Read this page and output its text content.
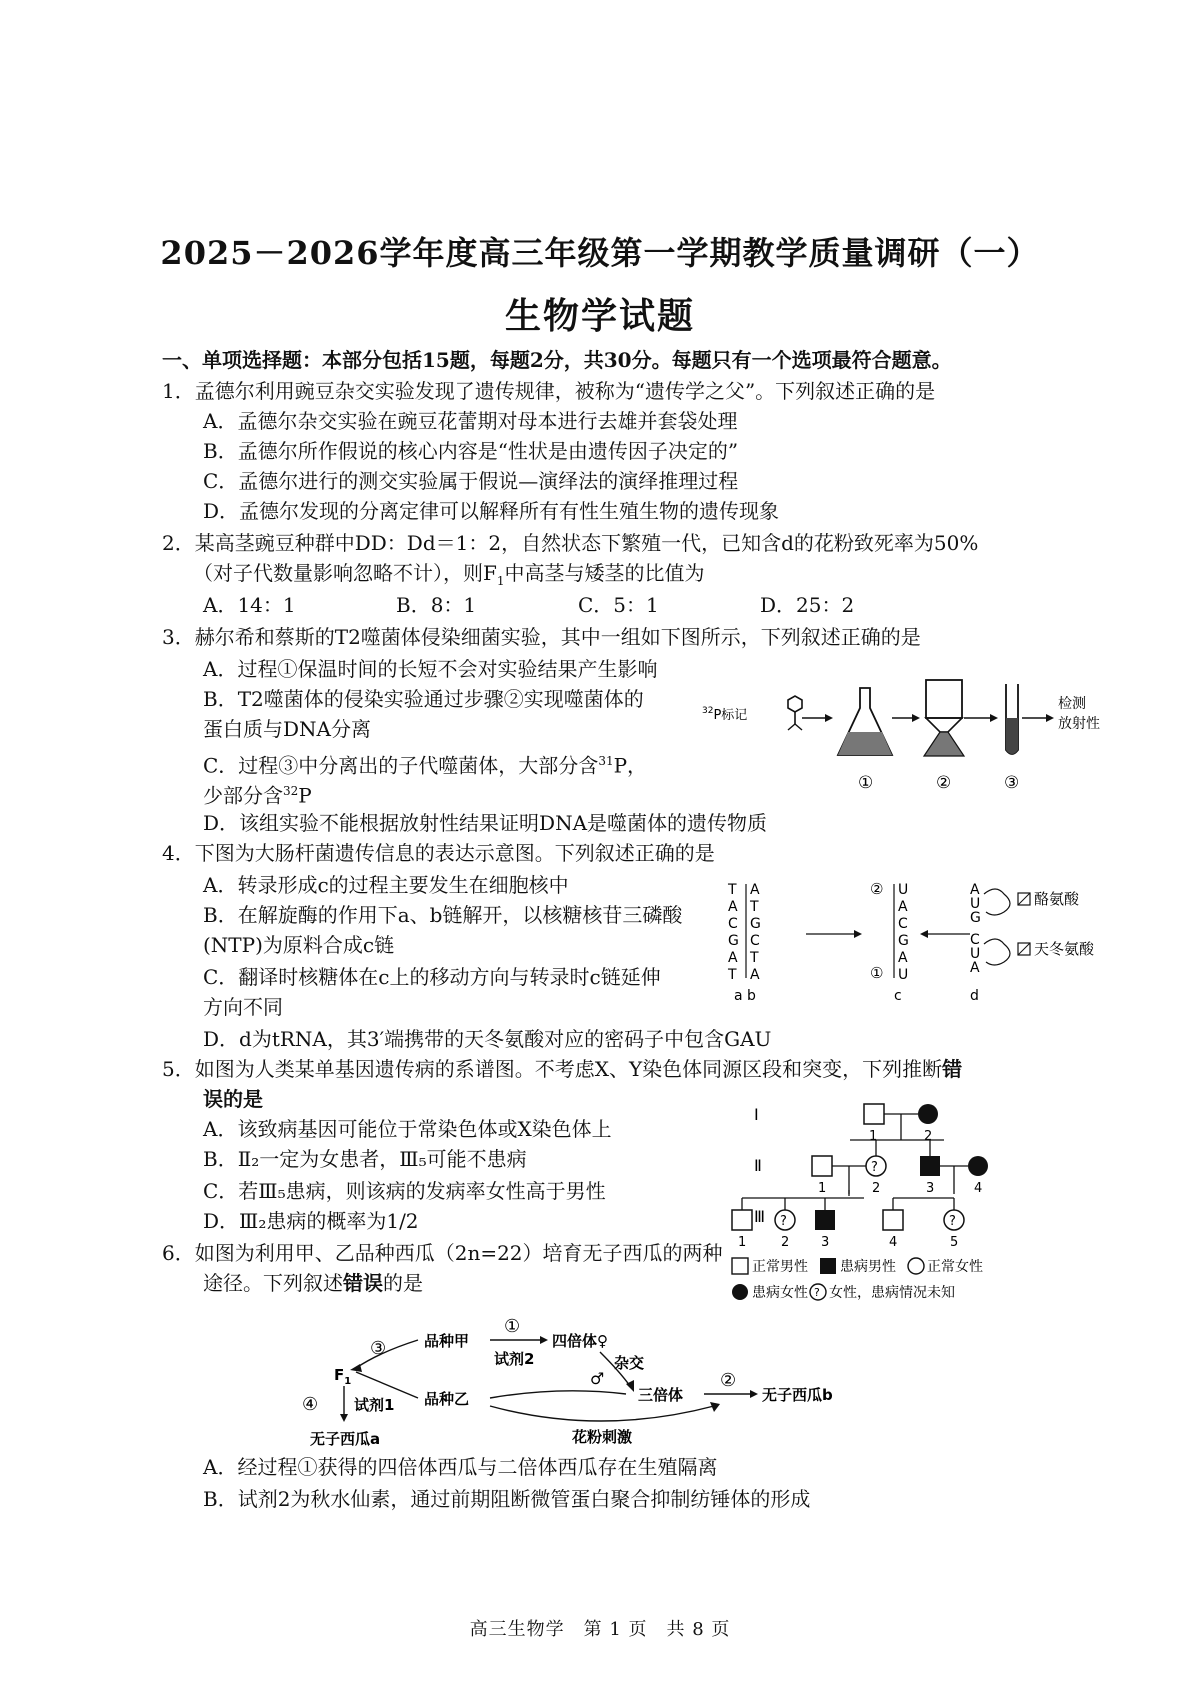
2025－2026学年度高三年级第一学期教学质量调研（一）
生物学试题
一、单项选择题：本部分包括15题，每题2分，共30分。每题只有一个选项最符合题意。
1．孟德尔利用豌豆杂交实验发现了遗传规律，被称为“遗传学之父”。下列叙述正确的是
A．孟德尔杂交实验在豌豆花蕾期对母本进行去雄并套袋处理
B．孟德尔所作假说的核心内容是“性状是由遗传因子决定的”
C．孟德尔进行的测交实验属于假说—演绎法的演绎推理过程
D．孟德尔发现的分离定律可以解释所有有性生殖生物的遗传现象
2．某高茎豌豆种群中DD：Dd＝1：2，自然状态下繁殖一代，已知含d的花粉致死率为50%
（对子代数量影响忽略不计），则$F_1$中高茎与矮茎的比值为
A．14：1	B．8：1	C．5：1	D．25：2
3．赫尔希和蔡斯的T2噬菌体侵染细菌实验，其中一组如下图所示，下列叙述正确的是
A．过程①保温时间的长短不会对实验结果产生影响
B．T2噬菌体的侵染实验通过步骤②实现噬菌体的
蛋白质与DNA分离
C．过程③中分离出的子代噬菌体，大部分含$^{31}$P，
少部分含$^{32}$P
D．该组实验不能根据放射性结果证明DNA是噬菌体的遗传物质
$^{32}$P标记
检测
放射性
①	②	③
4．下图为大肠杆菌遗传信息的表达示意图。下列叙述正确的是
A．转录形成c的过程主要发生在细胞核中
B．在解旋酶的作用下a、b链解开，以核糖核苷三磷酸
(NTP)为原料合成c链
C．翻译时核糖体在c上的移动方向与转录时c链延伸
方向不同
D．d为tRNA，其3′端携带的天冬氨酸对应的密码子中包含GAU
T
A
C
G
A
T
A
T
G
C
T
A
②
①
U
A
C
G
A
U
A
U
G
C
U
A
酪氨酸
天冬氨酸
a b	c	d
5．如图为人类某单基因遗传病的系谱图。不考虑X、Y染色体同源区段和突变，下列推断错
误的是
A．该致病基因可能位于常染色体或X染色体上
B．Ⅱ₂一定为女患者，Ⅲ₅可能不患病
C．若Ⅲ₅患病，则该病的发病率女性高于男性
D．Ⅲ₂患病的概率为1/2
I
Ⅱ
Ⅲ
1	2
?
1	2	3	4
?	?
1	2 3	4	5
正常男性 患病男性 正常女性
患病女性 ? 女性，患病情况未知
6．如图为利用甲、乙品种西瓜（2n=22）培育无子西瓜的两种
途径。下列叙述错误的是
$F_1$
③	品种甲
品种乙
④ 试剂1
无子西瓜a
①
试剂2
四倍体♀
杂交
♂
三倍体
花粉刺激
②
无子西瓜b
A．经过程①获得的四倍体西瓜与二倍体西瓜存在生殖隔离
B．试剂2为秋水仙素，通过前期阻断微管蛋白聚合抑制纺锤体的形成
高三生物学　第 1 页　共 8 页
